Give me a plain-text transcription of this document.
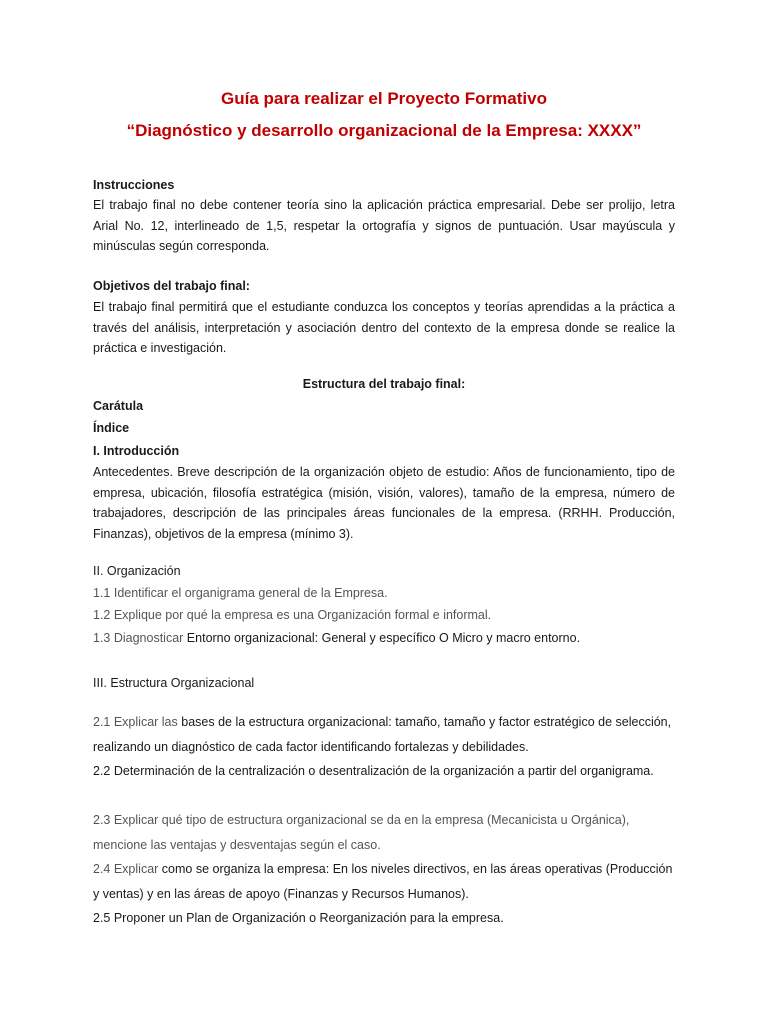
Guía para realizar el Proyecto Formativo
“Diagnóstico y desarrollo organizacional de la Empresa: XXXX”
Instrucciones
El trabajo final no debe contener teoría sino la aplicación práctica empresarial. Debe ser prolijo, letra Arial No. 12, interlineado de 1,5, respetar la ortografía y signos de puntuación. Usar mayúscula y minúsculas según corresponda.
Objetivos del trabajo final:
El trabajo final permitirá que el estudiante conduzca los conceptos y teorías aprendidas a la práctica a través del análisis, interpretación y asociación dentro del contexto de la empresa donde se realice la práctica e investigación.
Estructura del trabajo final:
Carátula
Índice
I. Introducción
Antecedentes. Breve descripción de la organización objeto de estudio: Años de funcionamiento, tipo de empresa, ubicación, filosofía estratégica (misión, visión, valores), tamaño de la empresa, número de trabajadores, descripción de las principales áreas funcionales de la empresa. (RRHH. Producción, Finanzas), objetivos de la empresa (mínimo 3).
II. Organización
1.1 Identificar el organigrama general de la Empresa.
1.2 Explique por qué la empresa es una Organización formal e informal.
1.3 Diagnosticar Entorno organizacional: General y específico O Micro y macro entorno.
III. Estructura Organizacional
2.1 Explicar las bases de la estructura organizacional: tamaño, tamaño y factor estratégico de selección, realizando un diagnóstico de cada factor identificando fortalezas y debilidades.
2.2 Determinación de la centralización o desentralización de la organización a partir del organigrama.
2.3 Explicar qué tipo de estructura organizacional se da en la empresa (Mecanicista u Orgánica), mencione las ventajas y desventajas según el caso.
2.4 Explicar como se organiza la empresa: En los niveles directivos, en las áreas operativas (Producción y ventas) y en las áreas de apoyo (Finanzas y Recursos Humanos).
2.5 Proponer un Plan de Organización o Reorganización para la empresa.
